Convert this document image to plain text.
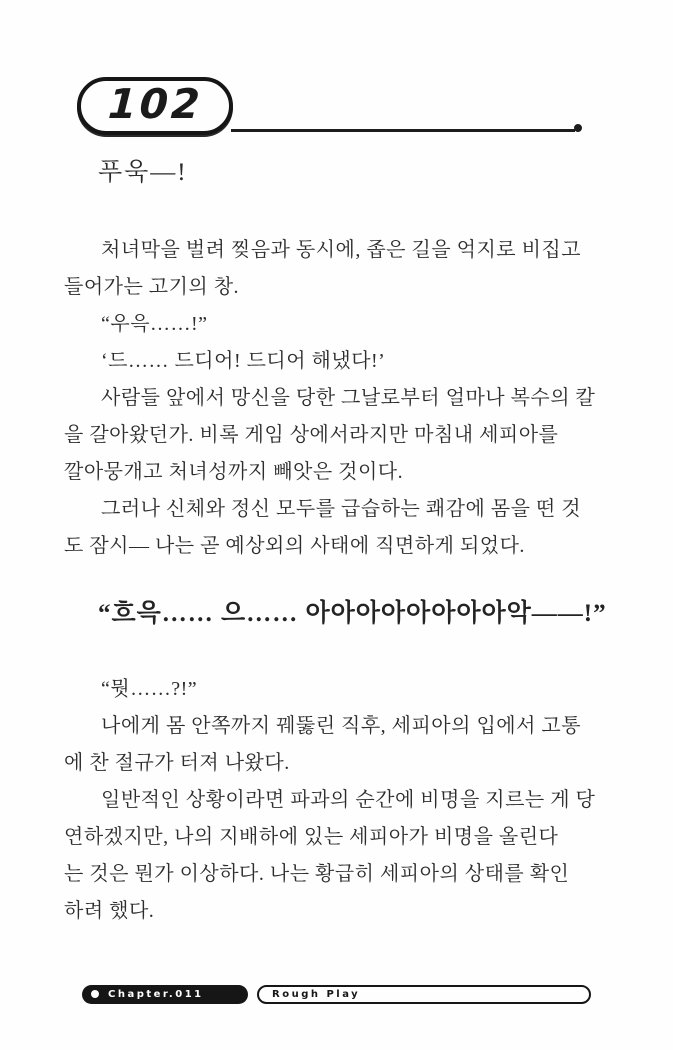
102
푸욱—!
처녀막을 벌려 찢음과 동시에, 좁은 길을 억지로 비집고
들어가는 고기의 창.
“우윽……!”
‘드…… 드디어! 드디어 해냈다!’
사람들 앞에서 망신을 당한 그날로부터 얼마나 복수의 칼
을 갈아왔던가. 비록 게임 상에서라지만 마침내 세피아를
깔아뭉개고 처녀성까지 빼앗은 것이다.
그러나 신체와 정신 모두를 급습하는 쾌감에 몸을 떤 것
도 잠시— 나는 곧 예상외의 사태에 직면하게 되었다.
“흐윽…… 으…… 아아아아아아아아악——!”
“뭣……?!”
나에게 몸 안쪽까지 꿰뚫린 직후, 세피아의 입에서 고통
에 찬 절규가 터져 나왔다.
일반적인 상황이라면 파과의 순간에 비명을 지르는 게 당
연하겠지만, 나의 지배하에 있는 세피아가 비명을 올린다
는 것은 뭔가 이상하다. 나는 황급히 세피아의 상태를 확인
하려 했다.
Chapter.011	Rough Play
